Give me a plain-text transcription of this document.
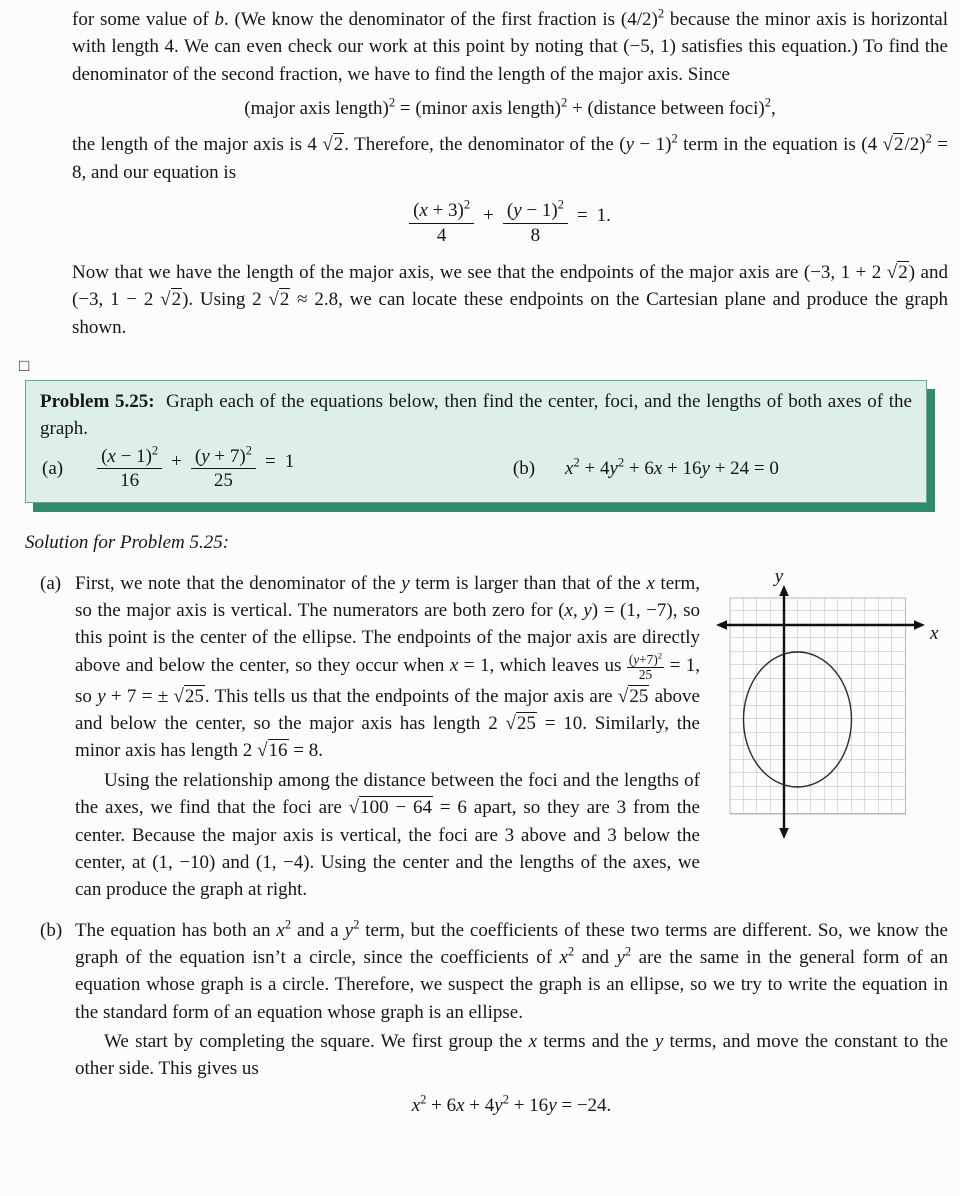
for some value of b. (We know the denominator of the first fraction is $(4/2)^2$ because the minor axis is horizontal with length 4. We can even check our work at this point by noting that (−5, 1) satisfies this equation.) To find the denominator of the second fraction, we have to find the length of the major axis. Since

(major axis length)$^2$ = (minor axis length)$^2$ + (distance between foci)$^2$,

the length of the major axis is 4 √2. Therefore, the denominator of the $(y - 1)^2$ term in the equation is (4 √2/2)$^2$ = 8, and our equation is

$\frac{(x + 3)^2}{4} + \frac{(y - 1)^2}{8} = 1$.

Now that we have the length of the major axis, we see that the endpoints of the major axis are (−3, 1 + 2 √2) and (−3, 1 − 2 √2). Using 2 √2 ≈ 2.8, we can locate these endpoints on the Cartesian plane and produce the graph shown.

□

Problem 5.25: Graph each of the equations below, then find the center, foci, and the lengths of both axes of the graph.

$(a) \frac{(x - 1)^2}{16} + \frac{(y + 7)^2}{25} = 1$	(b) $x^2 + 4y^2 + 6x + 16y + 24 = 0$

Solution for Problem 5.25:

(a)	y
x

First, we note that the denominator of the y term is larger than that of the x term, so the major axis is vertical. The numerators are both zero for (x, y) = (1, −7), so this point is the center of the ellipse. The endpoints of the major axis are directly above and below the center, so they occur when x = 1, which leaves us $\frac{(y+7)^2}{25} = 1$, so y + 7 = ± √25. This tells us that the endpoints of the major axis are √25 above and below the center, so the major axis has length 2 √25 = 10. Similarly, the minor axis has length 2 √16 = 8.

Using the relationship among the distance between the foci and the lengths of the axes, we find that the foci are √100 − 64 = 6 apart, so they are 3 from the center. Because the major axis is vertical, the foci are 3 above and 3 below the center, at (1, −10) and (1, −4). Using the center and the lengths of the axes, we can produce the graph at right.

(b) The equation has both an $x^2$ and a $y^2$ term, but the coefficients of these two terms are different. So, we know the graph of the equation isn’t a circle, since the coefficients of $x^2$ and $y^2$ are the same in the general form of an equation whose graph is a circle. Therefore, we suspect the graph is an ellipse, so we try to write the equation in the standard form of an equation whose graph is an ellipse.

We start by completing the square. We first group the x terms and the y terms, and move the constant to the other side. This gives us

$x^2 + 6x + 4y^2 + 16y = -24$.
